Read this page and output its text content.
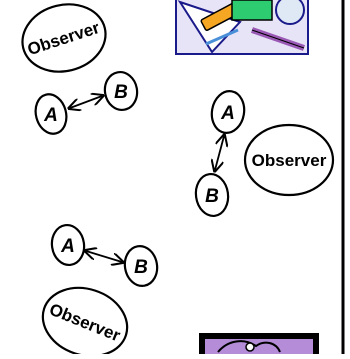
Observer
A
B
A
B
Observer
A
B
Observer
